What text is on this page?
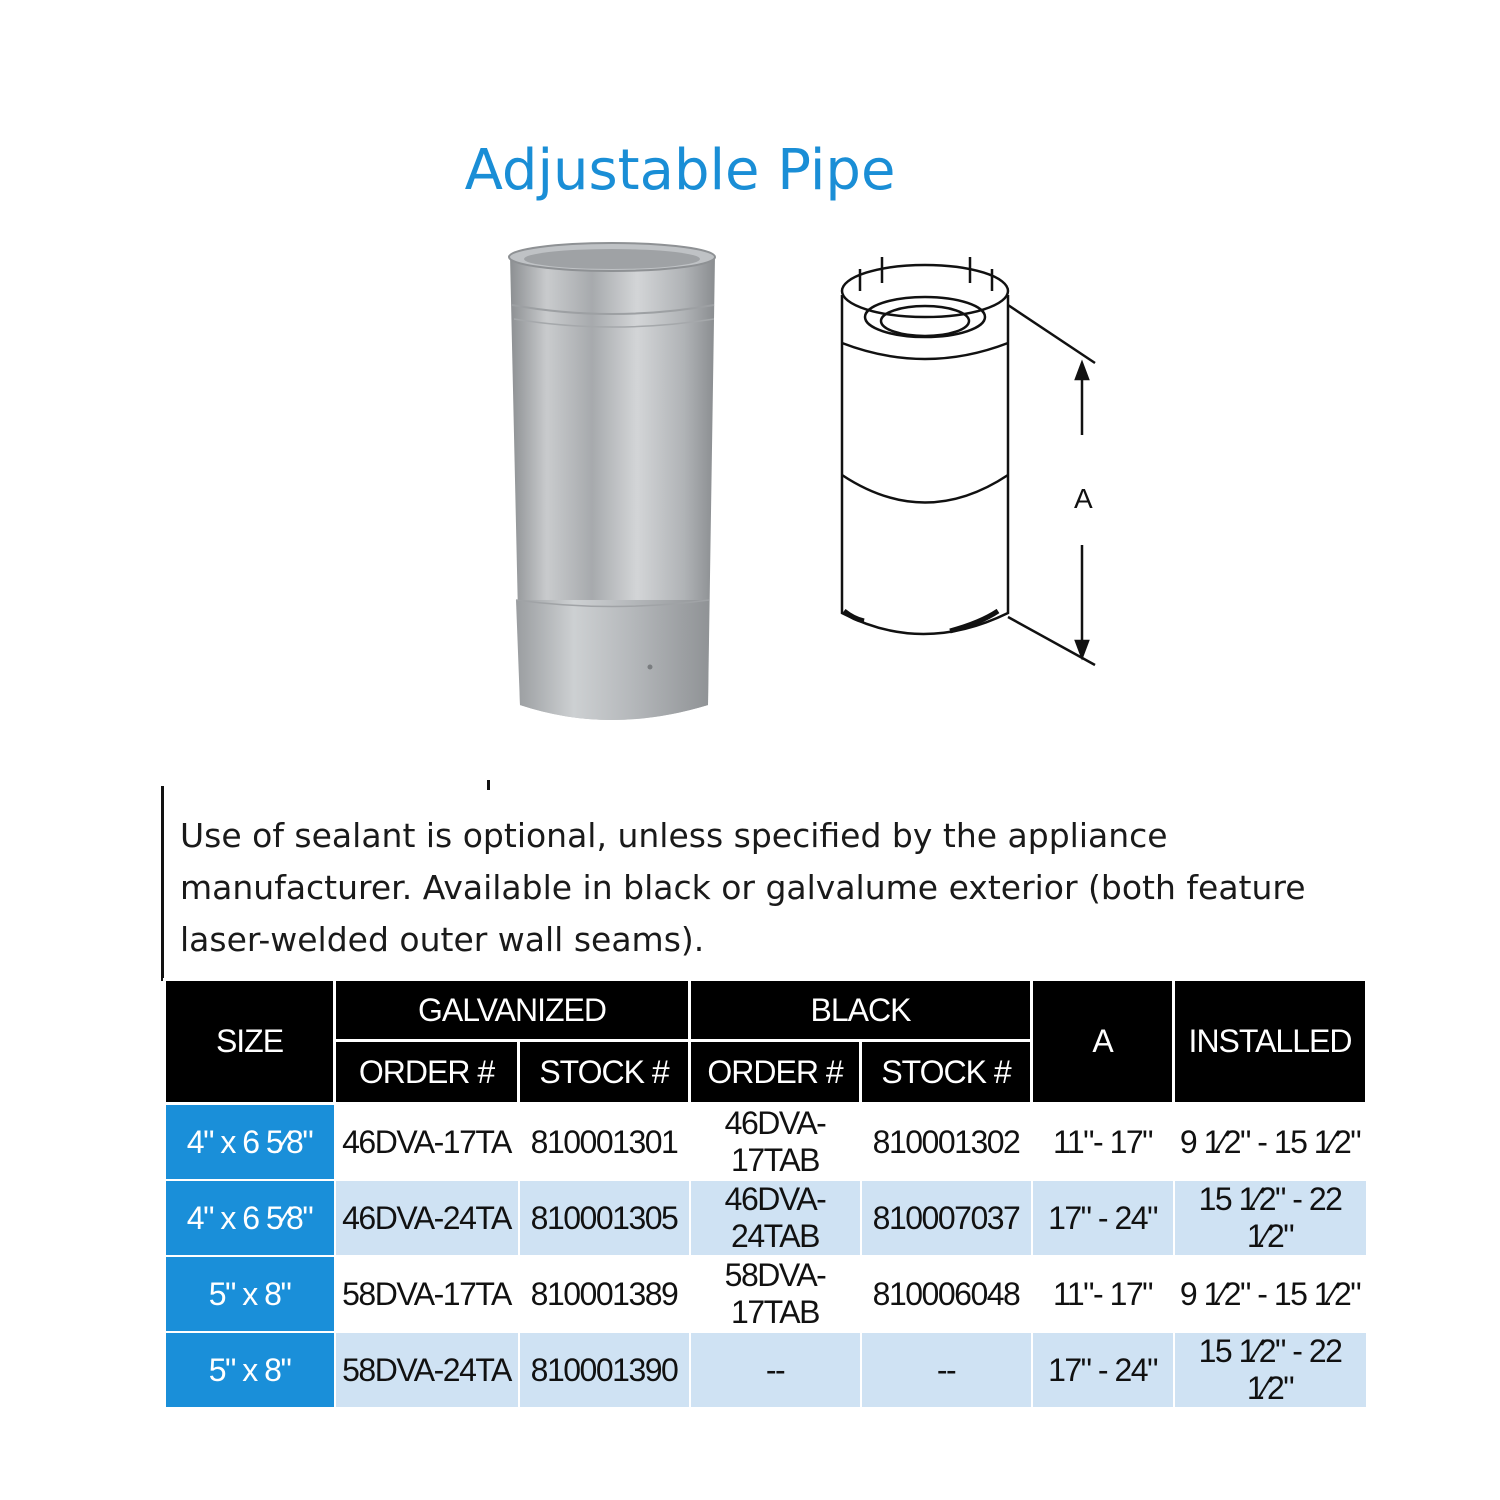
Adjustable Pipe
A
Use of sealant is optional, unless specified by the appliance manufacturer. Available in black or galvalume exterior (both feature laser-welded outer wall seams).
SIZE	GALVANIZED		BLACK		A	INSTALLED
	ORDER #	STOCK #	ORDER #	STOCK #		
4" x 6 5⁄8"	46DVA-17TA	810001301	46DVA-17TAB	810001302	11"- 17"	9 1⁄2" - 15 1⁄2"
4" x 6 5⁄8"	46DVA-24TA	810001305	46DVA-24TAB	810007037	17" - 24"	15 1⁄2" - 22 1⁄2"
5" x 8"	58DVA-17TA	810001389	58DVA-17TAB	810006048	11"- 17"	9 1⁄2" - 15 1⁄2"
5" x 8"	58DVA-24TA	810001390	--	--	17" - 24"	15 1⁄2" - 22 1⁄2"
